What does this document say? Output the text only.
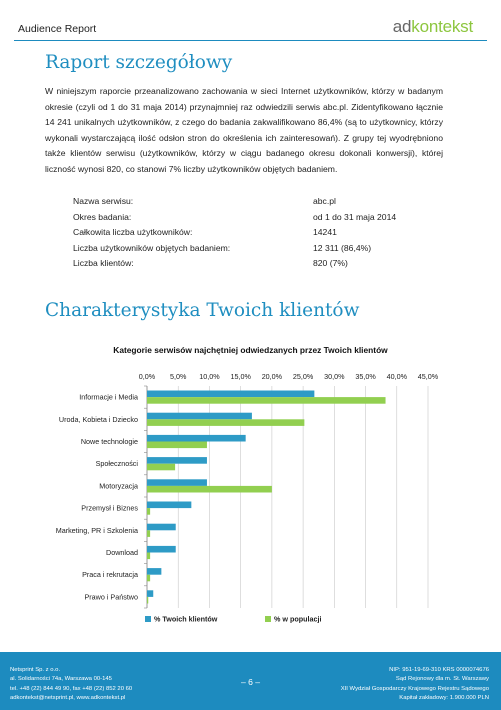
Audience Report	adkontekst
Raport szczegółowy

W niniejszym raporcie przeanalizowano zachowania w sieci Internet użytkowników, którzy w badanym okresie (czyli od 1 do 31 maja 2014) przynajmniej raz odwiedzili serwis abc.pl. Zidentyfikowano łącznie 14 241 unikalnych użytkowników, z czego do badania zakwalifikowano 86,4% (są to użytkownicy, którzy wykonali wystarczającą ilość odsłon stron do określenia ich zainteresowań). Z grupy tej wyodrębniono także klientów serwisu (użytkowników, którzy w ciągu badanego okresu dokonali konwersji), której liczność wynosi 820, co stanowi 7% liczby użytkowników objętych badaniem.

Nazwa serwisu:	abc.pl
Okres badania:	od 1 do 31 maja 2014
Całkowita liczba użytkowników:	14241
Liczba użytkowników objętych badaniem:	12 311 (86,4%)
Liczba klientów:	820 (7%)
Charakterystyka Twoich klientów
Kategorie serwisów najchętniej odwiedzanych przez Twoich klientów
0,0% 5,0% 10,0% 15,0% 20,0% 25,0% 30,0% 35,0% 40,0% 45,0%
Informacje i Media
Uroda, Kobieta i Dziecko
Nowe technologie
Społeczności
Motoryzacja
Przemysł i Biznes
Marketing, PR i Szkolenia
Download
Praca i rekrutacja
Prawo i Państwo
% Twoich klientów	% w populacji
Netsprint Sp. z o.o.
al. Solidarności 74a, Warszawa 00-145
tel. +48 (22) 844 49 90, fax +48 (22) 852 20 60
adkontekst@netsprint.pl, www.adkontekst.pl
– 6 –
NIP: 951-19-69-310 KRS 0000074676
Sąd Rejonowy dla m. St. Warszawy
XII Wydział Gospodarczy Krajowego Rejestru Sądowego
Kapitał zakładowy: 1.900.000 PLN
